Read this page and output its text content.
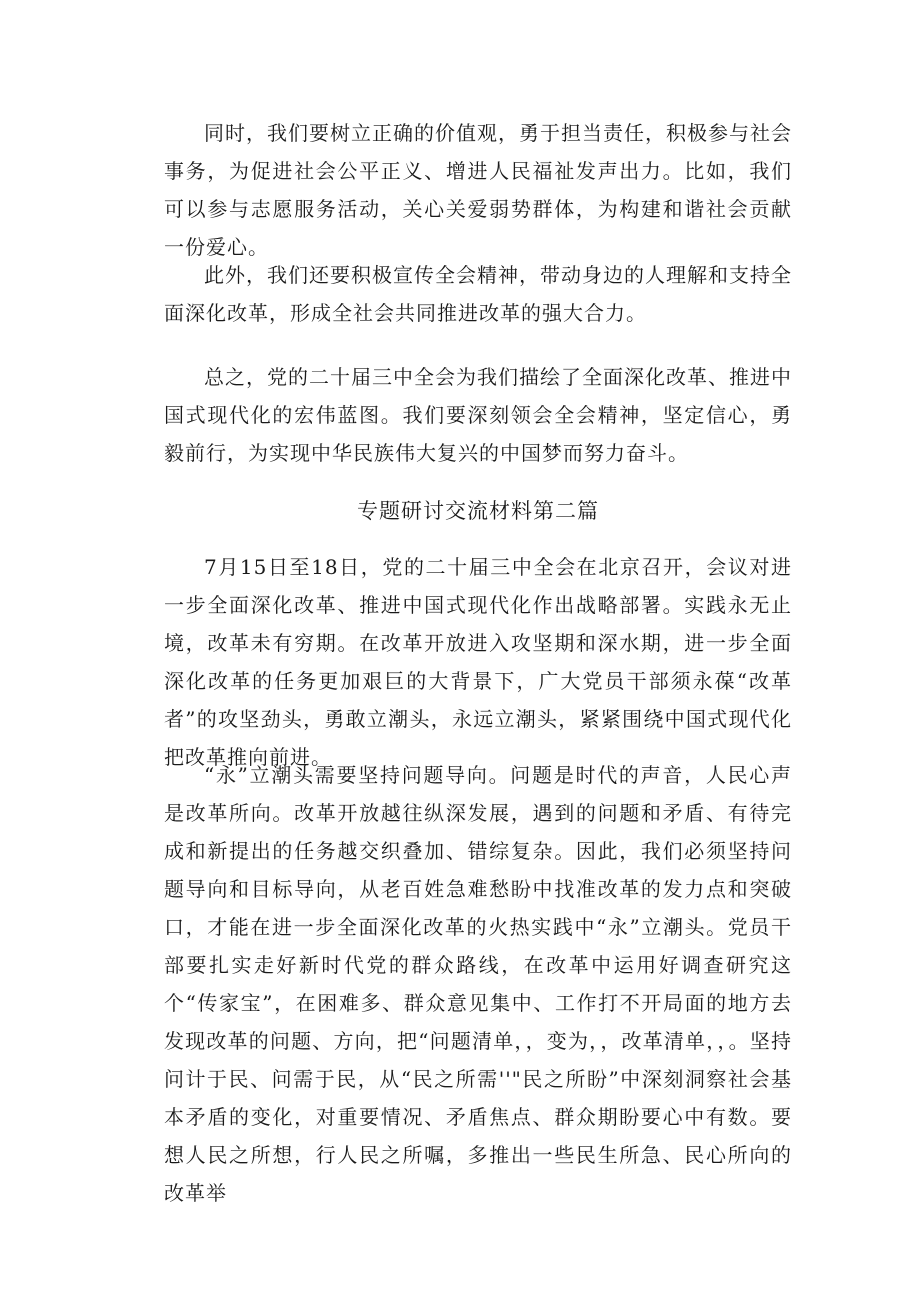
同时，我们要树立正确的价值观，勇于担当责任，积极参与社会事务，为促进社会公平正义、增进人民福祉发声出力。比如，我们可以参与志愿服务活动，关心关爱弱势群体，为构建和谐社会贡献一份爱心。

此外，我们还要积极宣传全会精神，带动身边的人理解和支持全面深化改革，形成全社会共同推进改革的强大合力。

总之，党的二十届三中全会为我们描绘了全面深化改革、推进中国式现代化的宏伟蓝图。我们要深刻领会全会精神，坚定信心，勇毅前行，为实现中华民族伟大复兴的中国梦而努力奋斗。

专题研讨交流材料第二篇

7月15日至18日，党的二十届三中全会在北京召开，会议对进一步全面深化改革、推进中国式现代化作出战略部署。实践永无止境，改革未有穷期。在改革开放进入攻坚期和深水期，进一步全面深化改革的任务更加艰巨的大背景下，广大党员干部须永葆“改革者”的攻坚劲头，勇敢立潮头，永远立潮头，紧紧围绕中国式现代化把改革推向前进。

“永”立潮头需要坚持问题导向。问题是时代的声音，人民心声是改革所向。改革开放越往纵深发展，遇到的问题和矛盾、有待完成和新提出的任务越交织叠加、错综复杂。因此，我们必须坚持问题导向和目标导向，从老百姓急难愁盼中找准改革的发力点和突破口，才能在进一步全面深化改革的火热实践中“永”立潮头。党员干部要扎实走好新时代党的群众路线，在改革中运用好调查研究这个“传家宝”，在困难多、群众意见集中、工作打不开局面的地方去发现改革的问题、方向，把“问题清单，，变为，，改革清单，，。坚持问计于民、问需于民，从“民之所需''"民之所盼”中深刻洞察社会基本矛盾的变化，对重要情况、矛盾焦点、群众期盼要心中有数。要想人民之所想，行人民之所嘱，多推出一些民生所急、民心所向的改革举
